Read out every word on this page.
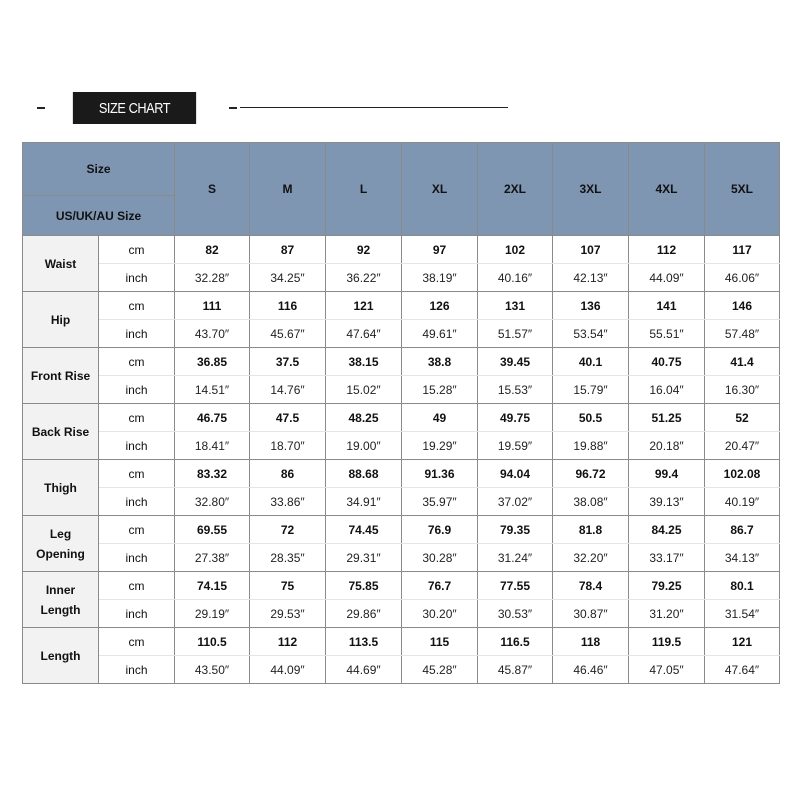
SIZE CHART
Size		S	M	L	XL	2XL	3XL	4XL	5XL
US/UK/AU Size									

Waist	cm	82	87	92	97	102	107	112	117
	inch	32.28″	34.25″	36.22″	38.19″	40.16″	42.13″	44.09″	46.06″

Hip	cm	111	116	121	126	131	136	141	146
	inch	43.70″	45.67″	47.64″	49.61″	51.57″	53.54″	55.51″	57.48″

Front Rise	cm	36.85	37.5	38.15	38.8	39.45	40.1	40.75	41.4
	inch	14.51″	14.76″	15.02″	15.28″	15.53″	15.79″	16.04″	16.30″

Back Rise	cm	46.75	47.5	48.25	49	49.75	50.5	51.25	52
	inch	18.41″	18.70″	19.00″	19.29″	19.59″	19.88″	20.18″	20.47″

Thigh	cm	83.32	86	88.68	91.36	94.04	96.72	99.4	102.08
	inch	32.80″	33.86″	34.91″	35.97″	37.02″	38.08″	39.13″	40.19″

Leg
Opening	cm	69.55	72	74.45	76.9	79.35	81.8	84.25	86.7
	inch	27.38″	28.35″	29.31″	30.28″	31.24″	32.20″	33.17″	34.13″

Inner
Length	cm	74.15	75	75.85	76.7	77.55	78.4	79.25	80.1
	inch	29.19″	29.53″	29.86″	30.20″	30.53″	30.87″	31.20″	31.54″

Length	cm	110.5	112	113.5	115	116.5	118	119.5	121
	inch	43.50″	44.09″	44.69″	45.28″	45.87″	46.46″	47.05″	47.64″
